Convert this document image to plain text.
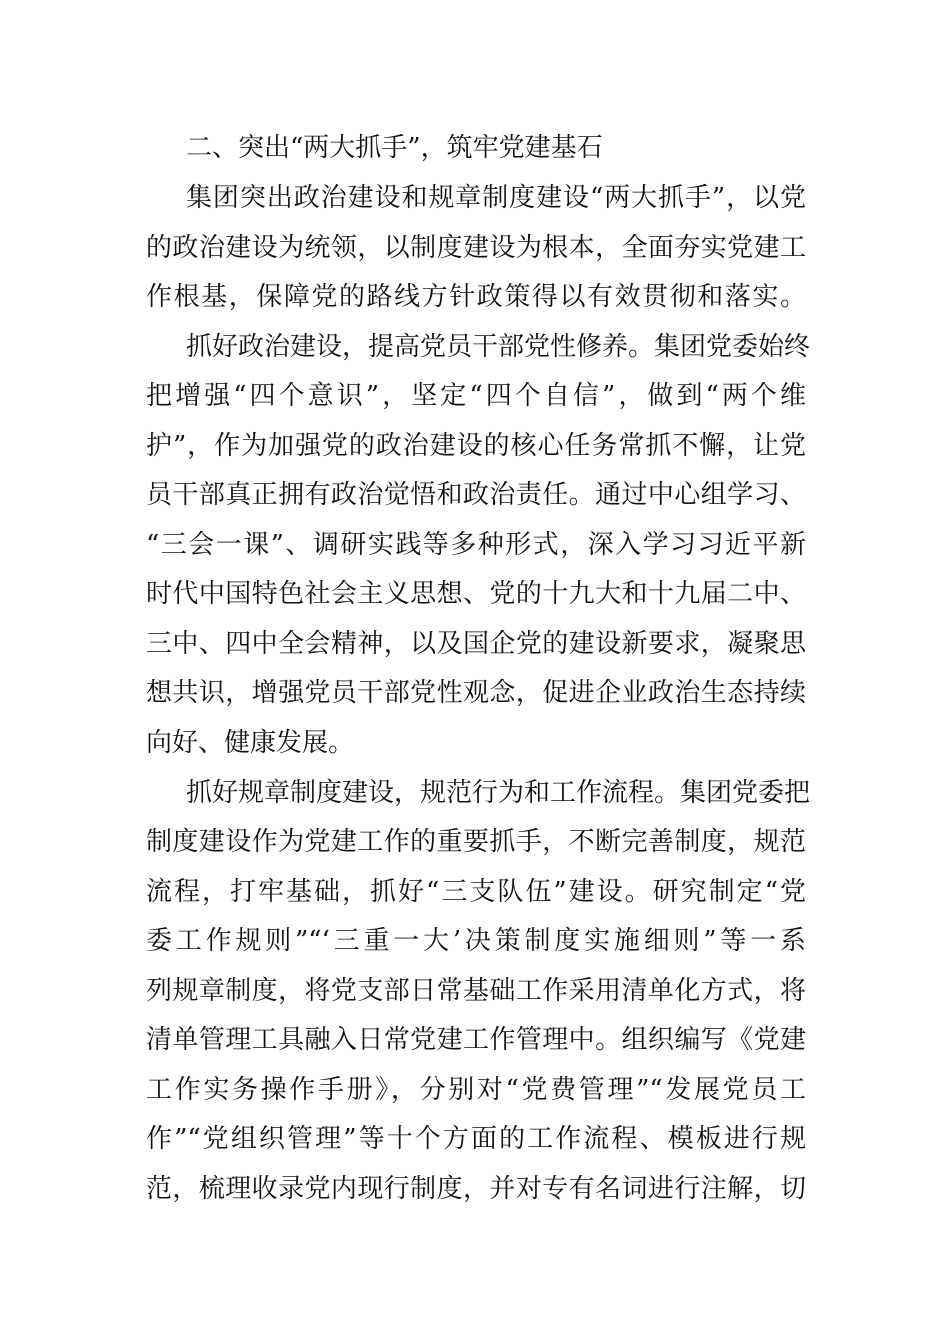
二、突出“两大抓手”，筑牢党建基石
集团突出政治建设和规章制度建设“两大抓手”，以党
的政治建设为统领，以制度建设为根本，全面夯实党建工
作根基，保障党的路线方针政策得以有效贯彻和落实。
抓好政治建设，提高党员干部党性修养。集团党委始终
把增强“四个意识”，坚定“四个自信”，做到“两个维
护”，作为加强党的政治建设的核心任务常抓不懈，让党
员干部真正拥有政治觉悟和政治责任。通过中心组学习、
“三会一课”、调研实践等多种形式，深入学习习近平新
时代中国特色社会主义思想、党的十九大和十九届二中、
三中、四中全会精神，以及国企党的建设新要求，凝聚思
想共识，增强党员干部党性观念，促进企业政治生态持续
向好、健康发展。
抓好规章制度建设，规范行为和工作流程。集团党委把
制度建设作为党建工作的重要抓手，不断完善制度，规范
流程，打牢基础，抓好“三支队伍”建设。研究制定“党
委工作规则”“‘三重一大’决策制度实施细则”等一系
列规章制度，将党支部日常基础工作采用清单化方式，将
清单管理工具融入日常党建工作管理中。组织编写《党建
工作实务操作手册》，分别对“党费管理”“发展党员工
作”“党组织管理”等十个方面的工作流程、模板进行规
范，梳理收录党内现行制度，并对专有名词进行注解，切
